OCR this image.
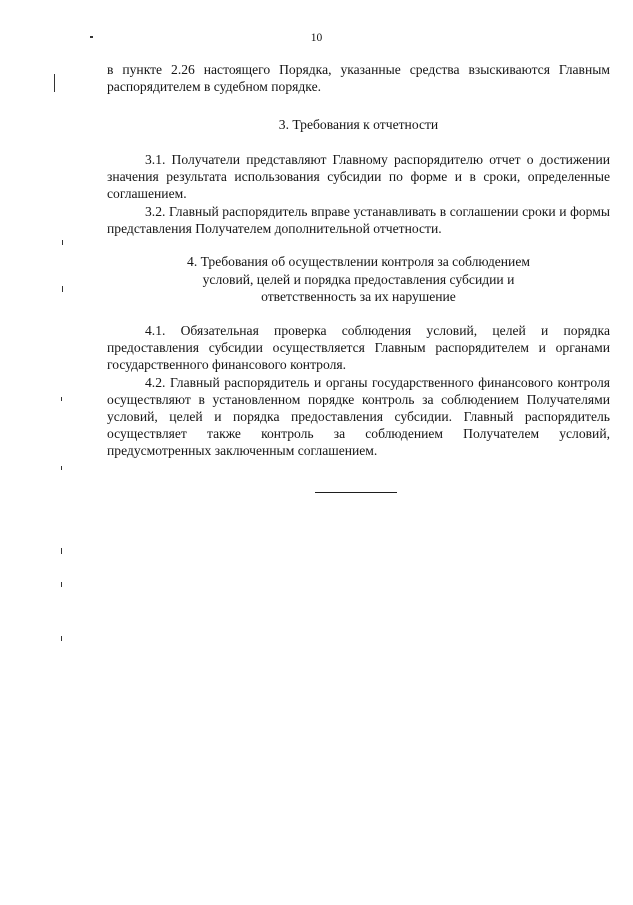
10

в пункте 2.26 настоящего Порядка, указанные средства взыскиваются Главным распорядителем в судебном порядке.

3. Требования к отчетности

3.1. Получатели представляют Главному распорядителю отчет о достижении значения результата использования субсидии по форме и в сроки, определенные соглашением.

3.2. Главный распорядитель вправе устанавливать в соглашении сроки и формы представления Получателем дополнительной отчетности.

4. Требования об осуществлении контроля за соблюдением
условий, целей и порядка предоставления субсидии и
ответственность за их нарушение

4.1. Обязательная проверка соблюдения условий, целей и порядка предоставления субсидии осуществляется Главным распорядителем и органами государственного финансового контроля.

4.2. Главный распорядитель и органы государственного финансового контроля осуществляют в установленном порядке контроль за соблюдением Получателями условий, целей и порядка предоставления субсидии. Главный распорядитель осуществляет также контроль за соблюдением Получателем условий, предусмотренных заключенным соглашением.
